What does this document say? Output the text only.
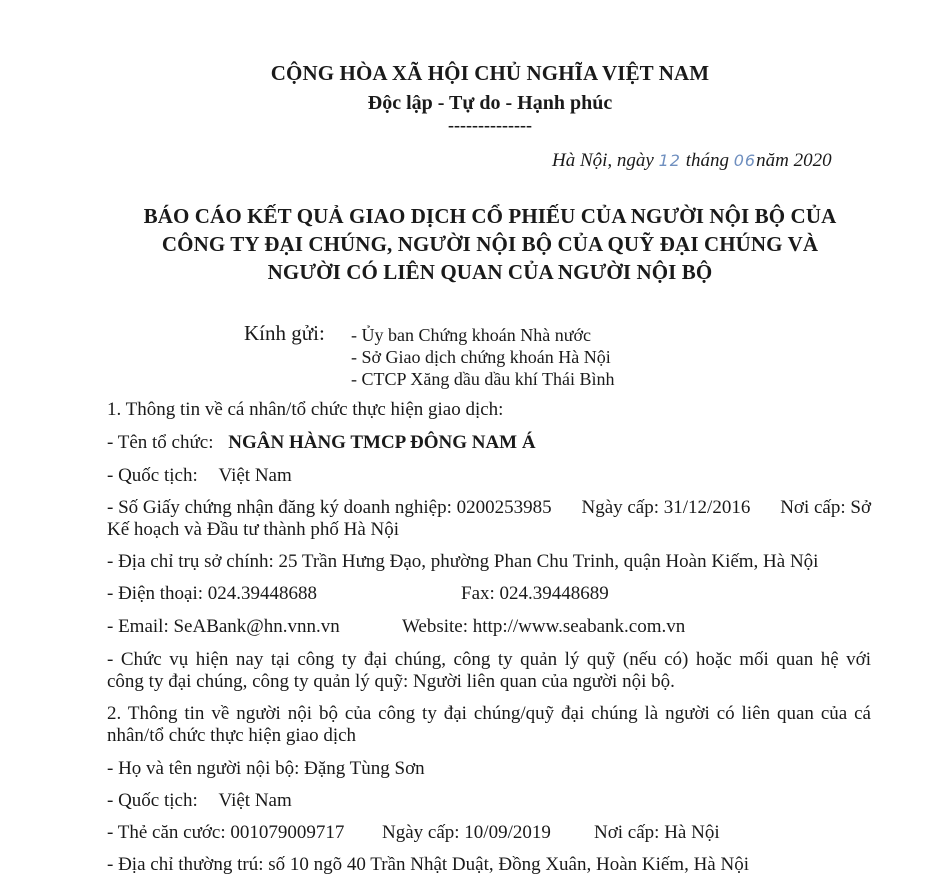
CỘNG HÒA XÃ HỘI CHỦ NGHĨA VIỆT NAM
Độc lập - Tự do - Hạnh phúc
--------------
Hà Nội, ngày 12 tháng 06năm 2020
BÁO CÁO KẾT QUẢ GIAO DỊCH CỔ PHIẾU CỦA NGƯỜI NỘI BỘ CỦA
CÔNG TY ĐẠI CHÚNG, NGƯỜI NỘI BỘ CỦA QUỸ ĐẠI CHÚNG VÀ
NGƯỜI CÓ LIÊN QUAN CỦA NGƯỜI NỘI BỘ
Kính gửi: - Ủy ban Chứng khoán Nhà nước
- Sở Giao dịch chứng khoán Hà Nội
- CTCP Xăng dầu dầu khí Thái Bình
1. Thông tin về cá nhân/tổ chức thực hiện giao dịch:
- Tên tổ chức: NGÂN HÀNG TMCP ĐÔNG NAM Á
- Quốc tịch: Việt Nam
- Số Giấy chứng nhận đăng ký doanh nghiệp: 0200253985 Ngày cấp: 31/12/2016 Nơi cấp: Sở
Kế hoạch và Đầu tư thành phố Hà Nội
- Địa chỉ trụ sở chính: 25 Trần Hưng Đạo, phường Phan Chu Trinh, quận Hoàn Kiếm, Hà Nội
- Điện thoại: 024.39448688	Fax: 024.39448689
- Email: SeABank@hn.vnn.vn	Website: http://www.seabank.com.vn
- Chức vụ hiện nay tại công ty đại chúng, công ty quản lý quỹ (nếu có) hoặc mối quan hệ với
công ty đại chúng, công ty quản lý quỹ: Người liên quan của người nội bộ.
2. Thông tin về người nội bộ của công ty đại chúng/quỹ đại chúng là người có liên quan của cá
nhân/tổ chức thực hiện giao dịch
- Họ và tên người nội bộ: Đặng Tùng Sơn
- Quốc tịch: Việt Nam
- Thẻ căn cước: 001079009717 Ngày cấp: 10/09/2019 Nơi cấp: Hà Nội
- Địa chỉ thường trú: số 10 ngõ 40 Trần Nhật Duật, Đồng Xuân, Hoàn Kiếm, Hà Nội
